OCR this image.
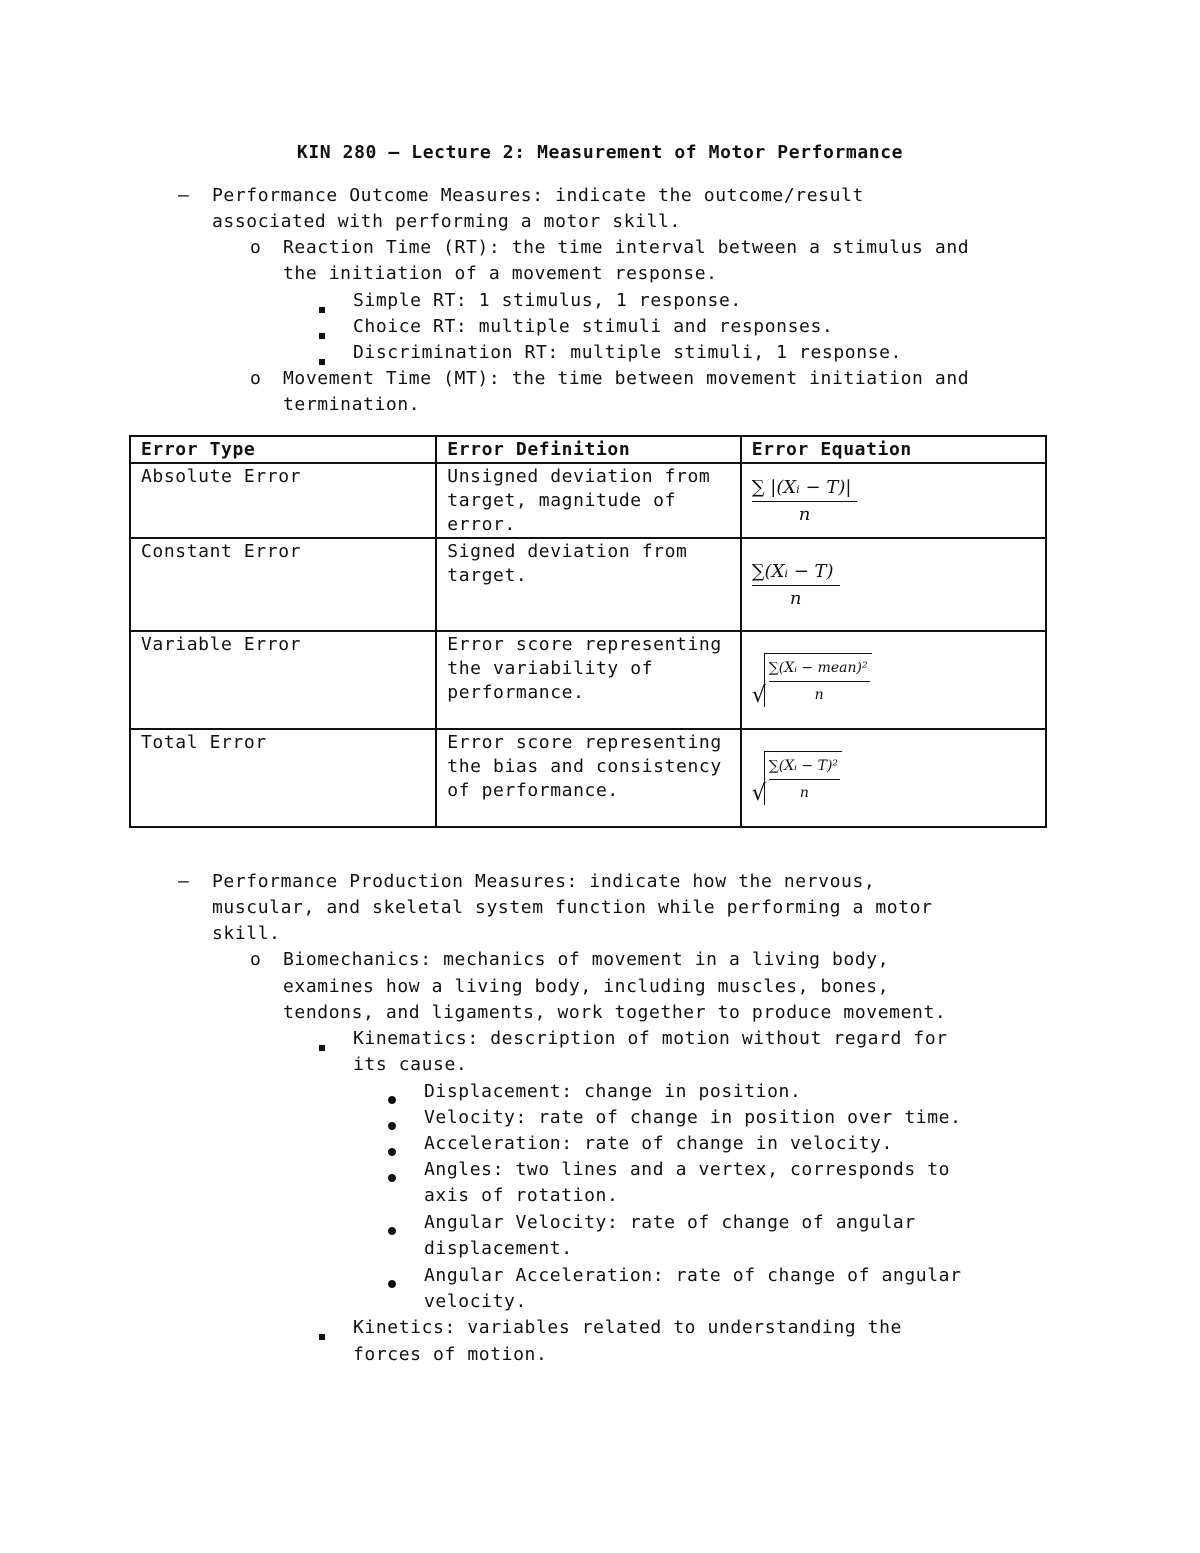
KIN 280 – Lecture 2: Measurement of Motor Performance
– Performance Outcome Measures: indicate the outcome/result
associated with performing a motor skill.
o Reaction Time (RT): the time interval between a stimulus and
the initiation of a movement response.
Simple RT: 1 stimulus, 1 response.
Choice RT: multiple stimuli and responses.
Discrimination RT: multiple stimuli, 1 response.
o Movement Time (MT): the time between movement initiation and
termination.
Error Type	Error Definition	Error Equation
Absolute Error	Unsigned deviation from target, magnitude of error.	$\frac{\text{∑ |(Xᵢ − T)|}}{n}$

Constant Error	Signed deviation from target.	$\frac{\text{∑(Xᵢ − T)}}{n}$

Variable Error	Error score representing the variability of performance.	√ $\frac{\text{∑(Xᵢ − mean)²}}{n}$

Total Error	Error score representing the bias and consistency of performance.	√ $\frac{\text{∑(Xᵢ − T)²}}{n}$
– Performance Production Measures: indicate how the nervous,
muscular, and skeletal system function while performing a motor
skill.
o Biomechanics: mechanics of movement in a living body,
examines how a living body, including muscles, bones,
tendons, and ligaments, work together to produce movement.
Kinematics: description of motion without regard for
its cause.
Displacement: change in position.
Velocity: rate of change in position over time.
Acceleration: rate of change in velocity.
Angles: two lines and a vertex, corresponds to
axis of rotation.
Angular Velocity: rate of change of angular
displacement.
Angular Acceleration: rate of change of angular
velocity.
Kinetics: variables related to understanding the
forces of motion.
